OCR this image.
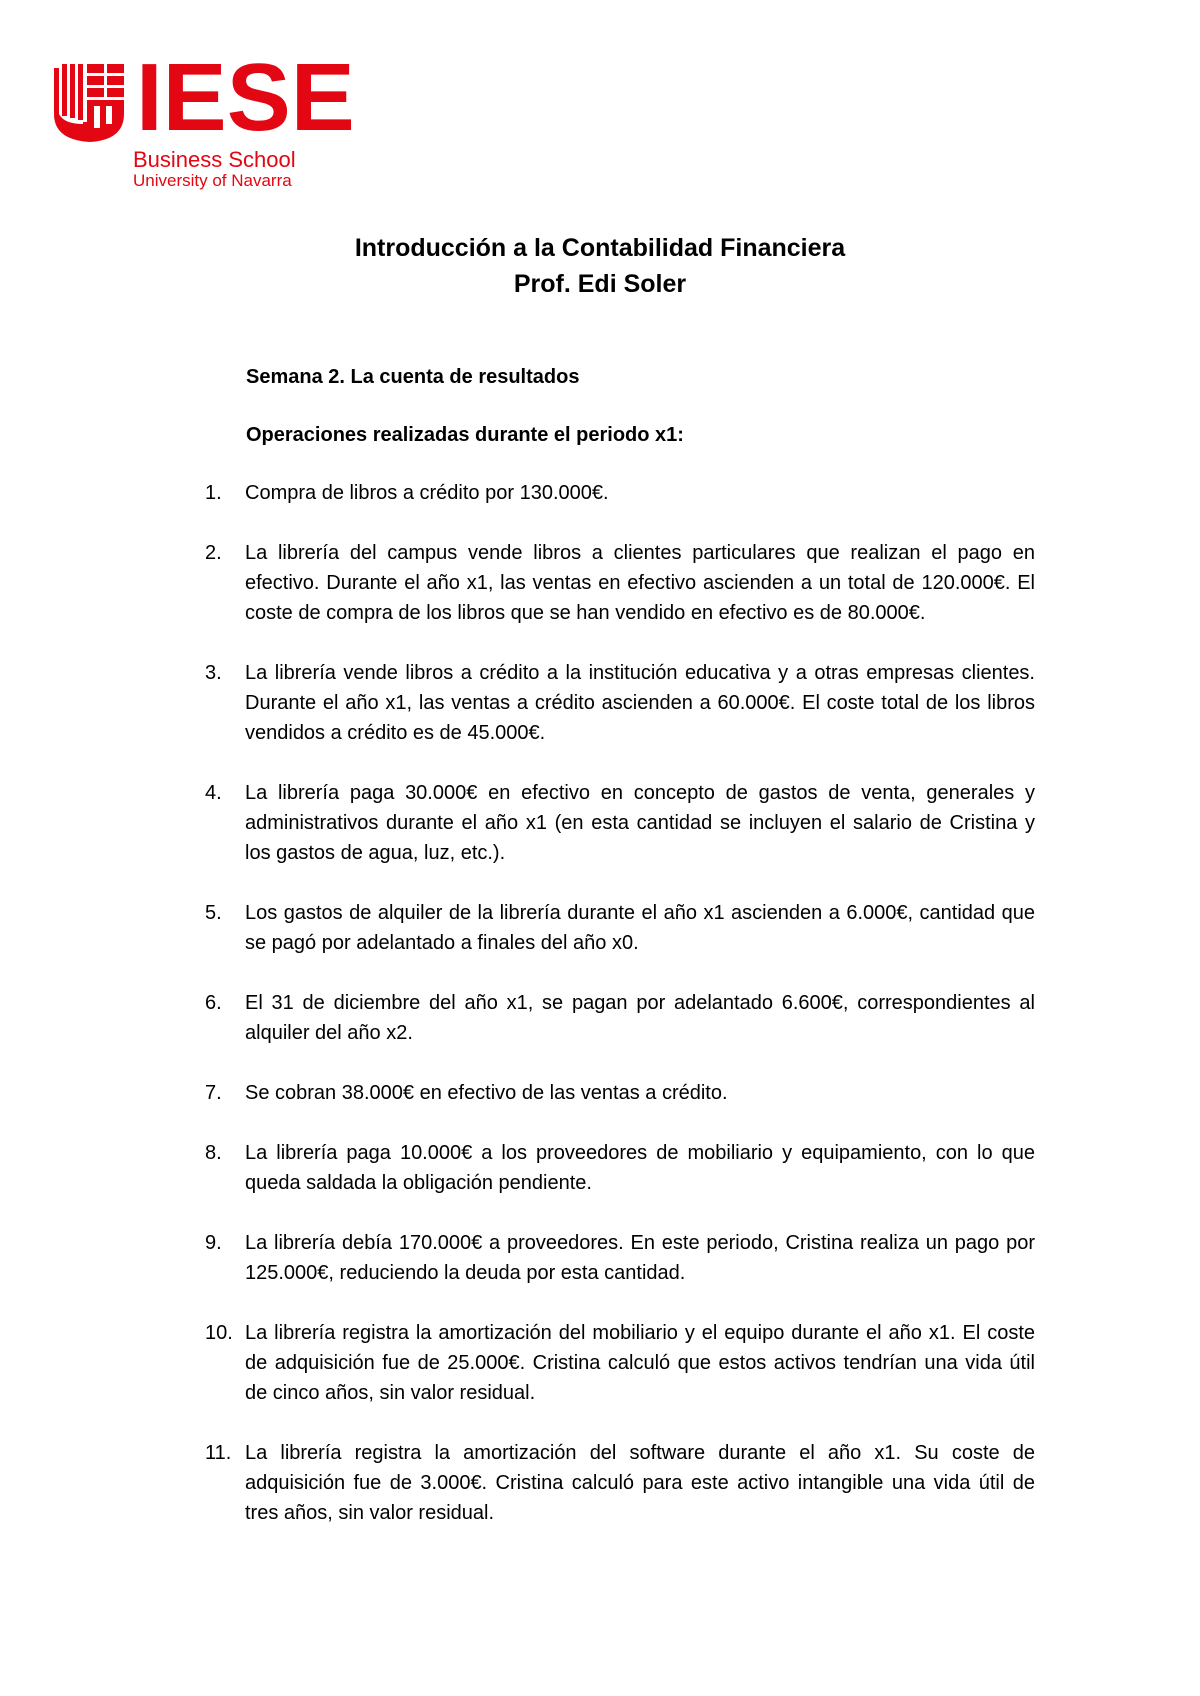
IESE
Business School
University of Navarra
Introducción a la Contabilidad Financiera
Prof. Edi Soler
Semana 2. La cuenta de resultados
Operaciones realizadas durante el periodo x1:
1. Compra de libros a crédito por 130.000€.
2. La librería del campus vende libros a clientes particulares que realizan el pago en efectivo. Durante el año x1, las ventas en efectivo ascienden a un total de 120.000€. El coste de compra de los libros que se han vendido en efectivo es de 80.000€.
3. La librería vende libros a crédito a la institución educativa y a otras empresas clientes. Durante el año x1, las ventas a crédito ascienden a 60.000€. El coste total de los libros vendidos a crédito es de 45.000€.
4. La librería paga 30.000€ en efectivo en concepto de gastos de venta, generales y administrativos durante el año x1 (en esta cantidad se incluyen el salario de Cristina y los gastos de agua, luz, etc.).
5. Los gastos de alquiler de la librería durante el año x1 ascienden a 6.000€, cantidad que se pagó por adelantado a finales del año x0.
6. El 31 de diciembre del año x1, se pagan por adelantado 6.600€, correspondientes al alquiler del año x2.
7. Se cobran 38.000€ en efectivo de las ventas a crédito.
8. La librería paga 10.000€ a los proveedores de mobiliario y equipamiento, con lo que queda saldada la obligación pendiente.
9. La librería debía 170.000€ a proveedores. En este periodo, Cristina realiza un pago por 125.000€, reduciendo la deuda por esta cantidad.
10. La librería registra la amortización del mobiliario y el equipo durante el año x1. El coste de adquisición fue de 25.000€. Cristina calculó que estos activos tendrían una vida útil de cinco años, sin valor residual.
11. La librería registra la amortización del software durante el año x1. Su coste de adquisición fue de 3.000€. Cristina calculó para este activo intangible una vida útil de tres años, sin valor residual.
